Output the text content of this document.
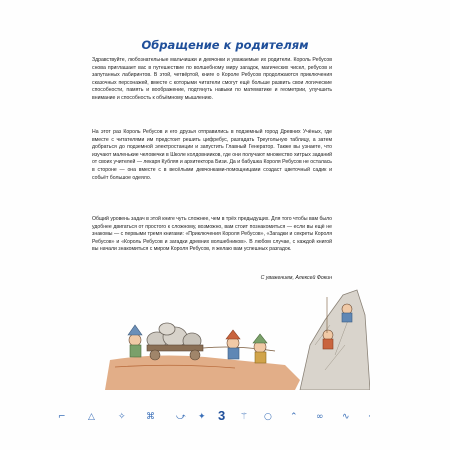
Обращение к родителям
Здравствуйте, любознательные мальчишки и девчонки и уважаемые их родители. Король Ребусов снова приглашает вас в путешествие по волшебному миру загадок, магических чисел, ребусов и запутанных лабиринтов. В этой, четвёртой, книге о Короле Ребусов продолжаются приключения сказочных персонажей, вместе с которыми читатели смогут ещё больше развить свои логические способности, память и воображение, подтянуть навыки по математике и геометрии, улучшить внимание и способность к объёмному мышлению.
На этот раз Король Ребусов и его друзья отправились в подземный город Древних Учёных, где вместе с читателями им предстоит решить цифребус, разгадать Треугольную таблицу, а затем добраться до подземной электростанции и запустить Главный Генератор. Также вы узнаете, что изучают маленькие человечки в Школе колдовнииков, где они получают множество хитрых заданий от своих учителей — лекаря Кубляя и архитектора Бизи. Да и бабушка Короля Ребусов не осталась в стороне — она вместе с в весёлыми девчонками-помощницами создаст цветочный садик и собьёт большое одеяло.
Общий уровень задач в этой книге чуть сложнее, чем в трёх предыдущих. Для того чтобы вам было удобнее двигаться от простого к сложному, возможно, вам стоит познакомиться — если вы ещё не знакомы — с первыми тремя книгами: «Приключения Короля Ребусов», «Загадки и секреты Короля Ребусов» и «Король Ребусов и загадки древних волшебников». В любом случае, с каждой книгой вы начали знакомиться с миром Короля Ребусов, я желаю вам успешных разгадок.
С уважением, Алексей Фокин
⌐ △	✧ ⌘ ⤻ ✦ 3 ⚚ ○ ⌃ ∞ ∿ ·
